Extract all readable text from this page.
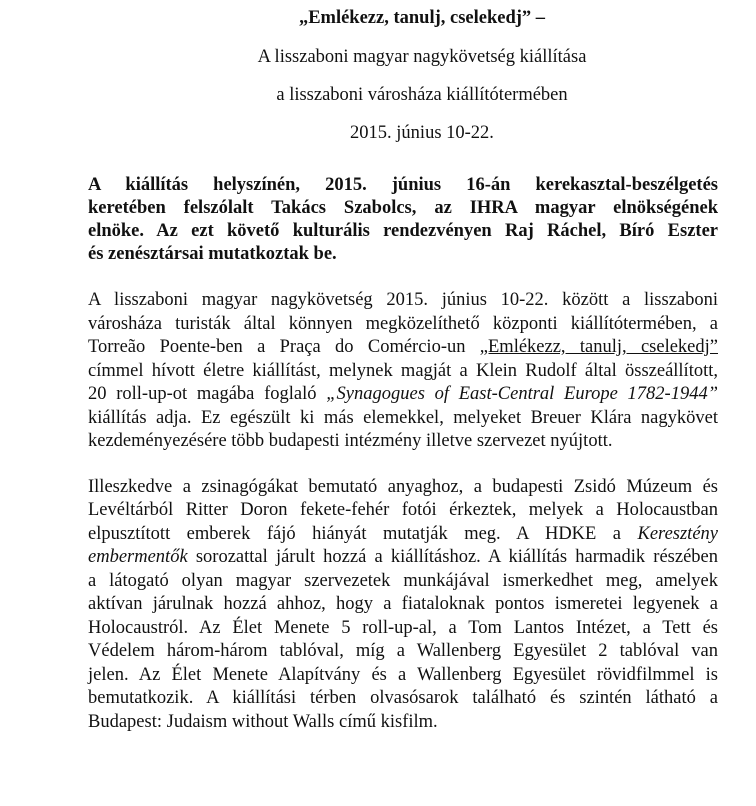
„Emlékezz, tanulj, cselekedj” –

A lisszaboni magyar nagykövetség kiállítása

a lisszaboni városháza kiállítótermében

2015. június 10-22.

A kiállítás helyszínén, 2015. június 16-án kerekasztal-beszélgetés
keretében felszólalt Takács Szabolcs, az IHRA magyar elnökségének
elnöke. Az ezt követő kulturális rendezvényen Raj Ráchel, Bíró Eszter
és zenésztársai mutatkoztak be.

A lisszaboni magyar nagykövetség 2015. június 10-22. között a lisszaboni
városháza turisták által könnyen megközelíthető központi kiállítótermében, a
Torreão Poente-ben a Praça do Comércio-un „Emlékezz, tanulj, cselekedj”
címmel hívott életre kiállítást, melynek magját a Klein Rudolf által összeállított,
20 roll-up-ot magába foglaló „Synagogues of East-Central Europe 1782-1944”
kiállítás adja. Ez egészült ki más elemekkel, melyeket Breuer Klára nagykövet
kezdeményezésére több budapesti intézmény illetve szervezet nyújtott.

Illeszkedve a zsinagógákat bemutató anyaghoz, a budapesti Zsidó Múzeum és
Levéltárból Ritter Doron fekete-fehér fotói érkeztek, melyek a Holocaustban
elpusztított emberek fájó hiányát mutatják meg. A HDKE a Keresztény
embermentők sorozattal járult hozzá a kiállításhoz. A kiállítás harmadik részében
a látogató olyan magyar szervezetek munkájával ismerkedhet meg, amelyek
aktívan járulnak hozzá ahhoz, hogy a fiataloknak pontos ismeretei legyenek a
Holocaustról. Az Élet Menete 5 roll-up-al, a Tom Lantos Intézet, a Tett és
Védelem három-három tablóval, míg a Wallenberg Egyesület 2 tablóval van
jelen. Az Élet Menete Alapítvány és a Wallenberg Egyesület rövidfilmmel is
bemutatkozik. A kiállítási térben olvasósarok található és szintén látható a
Budapest: Judaism without Walls című kisfilm.
